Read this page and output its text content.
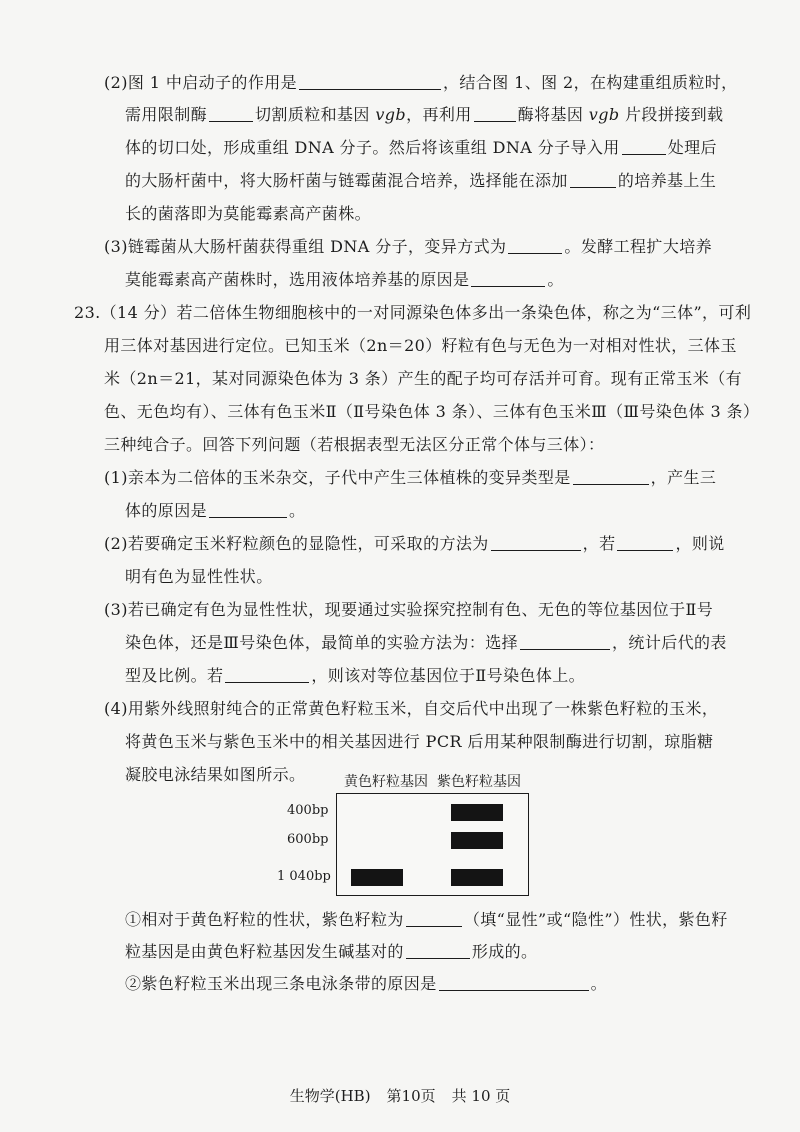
(2)图 1 中启动子的作用是	，结合图 1、图 2，在构建重组质粒时，
需用限制酶	切割质粒和基因 vgb，再利用	酶将基因 vgb 片段拼接到载
体的切口处，形成重组 DNA 分子。然后将该重组 DNA 分子导入用	处理后
的大肠杆菌中，将大肠杆菌与链霉菌混合培养，选择能在添加	的培养基上生
长的菌落即为莫能霉素高产菌株。
(3)链霉菌从大肠杆菌获得重组 DNA 分子，变异方式为	。发酵工程扩大培养
莫能霉素高产菌株时，选用液体培养基的原因是	。
23.（14 分）若二倍体生物细胞核中的一对同源染色体多出一条染色体，称之为“三体”，可利
用三体对基因进行定位。已知玉米（2n＝20）籽粒有色与无色为一对相对性状，三体玉
米（2n＝21，某对同源染色体为 3 条）产生的配子均可存活并可育。现有正常玉米（有
色、无色均有）、三体有色玉米Ⅱ（Ⅱ号染色体 3 条）、三体有色玉米Ⅲ（Ⅲ号染色体 3 条）
三种纯合子。回答下列问题（若根据表型无法区分正常个体与三体）：
(1)亲本为二倍体的玉米杂交，子代中产生三体植株的变异类型是	，产生三
体的原因是	。
(2)若要确定玉米籽粒颜色的显隐性，可采取的方法为	，若	，则说
明有色为显性性状。
(3)若已确定有色为显性性状，现要通过实验探究控制有色、无色的等位基因位于Ⅱ号
染色体，还是Ⅲ号染色体，最简单的实验方法为：选择	，统计后代的表
型及比例。若	，则该对等位基因位于Ⅱ号染色体上。
(4)用紫外线照射纯合的正常黄色籽粒玉米，自交后代中出现了一株紫色籽粒的玉米，
将黄色玉米与紫色玉米中的相关基因进行 PCR 后用某种限制酶进行切割，琼脂糖
凝胶电泳结果如图所示。	黄色籽粒基因 紫色籽粒基因
400bp
600bp
1 040bp
①相对于黄色籽粒的性状，紫色籽粒为	（填“显性”或“隐性”）性状，紫色籽
粒基因是由黄色籽粒基因发生碱基对的	形成的。
②紫色籽粒玉米出现三条电泳条带的原因是	。
生物学(HB) 第10页 共 10 页
